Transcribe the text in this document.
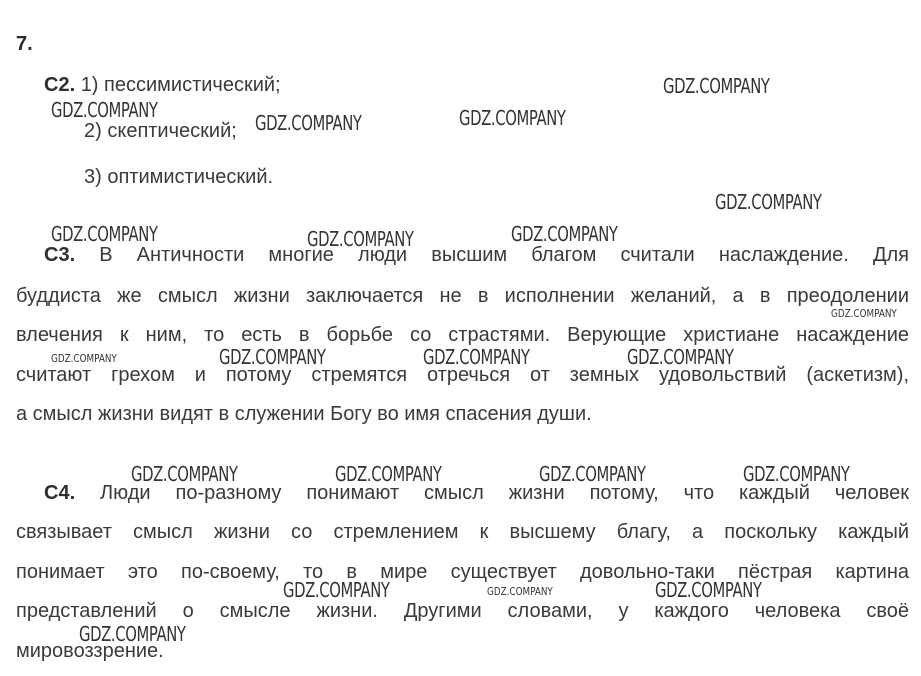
7.
C2. 1) пессимистический;
2) скептический;
3) оптимистический.
C3. В Античности многие люди высшим благом считали наслаждение. Для
буддиста же смысл жизни заключается не в исполнении желаний, а в преодолении
влечения к ним, то есть в борьбе со страстями. Верующие христиане насаждение
считают грехом и потому стремятся отречься от земных удовольствий (аскетизм),
а смысл жизни видят в служении Богу во имя спасения души.
C4. Люди по-разному понимают смысл жизни потому, что каждый человек
связывает смысл жизни со стремлением к высшему благу, а поскольку каждый
понимает это по-своему, то в мире существует довольно-таки пёстрая картина
представлений о смысле жизни. Другими словами, у каждого человека своё
мировоззрение.
GDZ.COMPANY
GDZ.COMPANY
GDZ.COMPANY	GDZ.COMPANY
GDZ.COMPANY
GDZ.COMPANY	GDZ.COMPANY	GDZ.COMPANY
GDZ.COMPANY
GDZ.COMPANY	GDZ.COMPANY	GDZ.COMPANY	GDZ.COMPANY
GDZ.COMPANY	GDZ.COMPANY	GDZ.COMPANY	GDZ.COMPANY
GDZ.COMPANY	GDZ.COMPANY	GDZ.COMPANY
GDZ.COMPANY
